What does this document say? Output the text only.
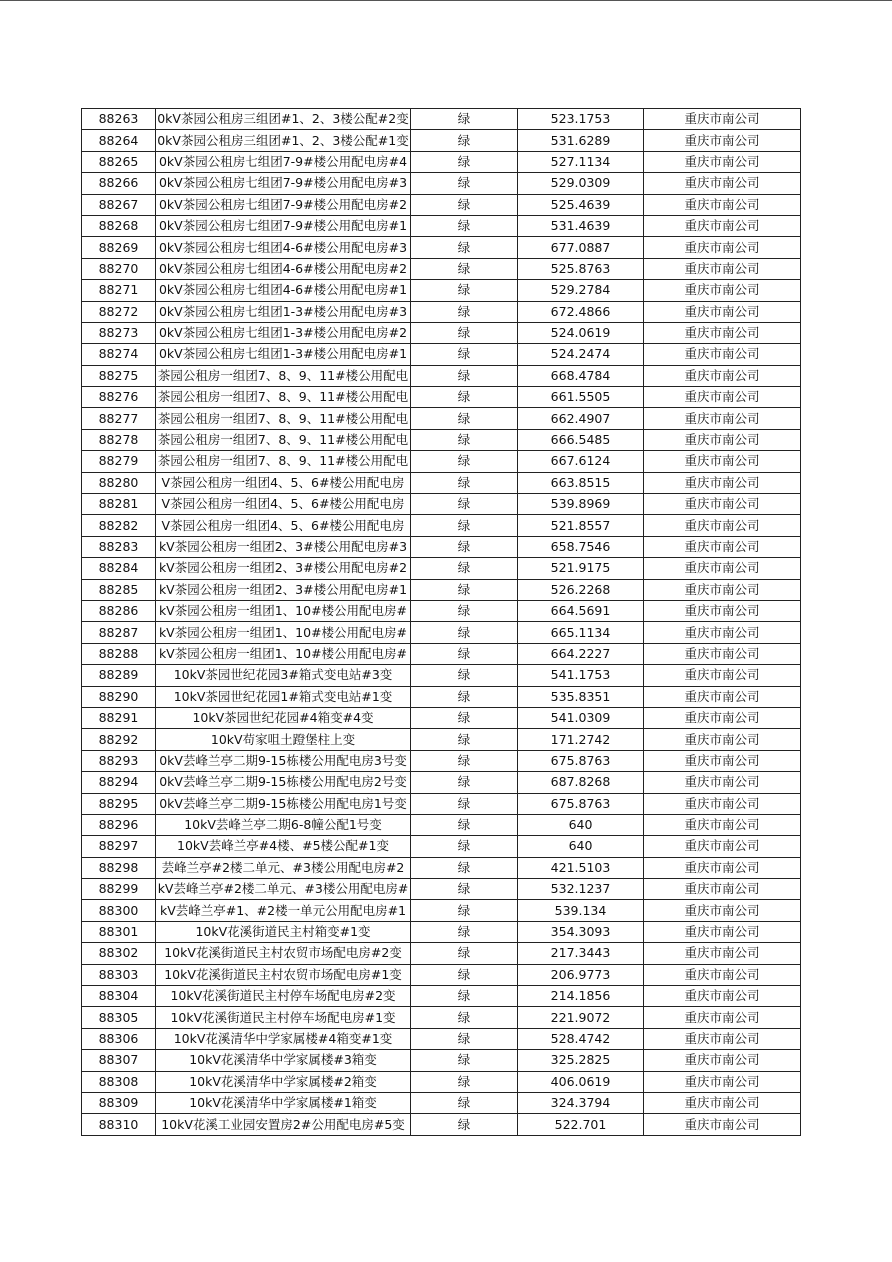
88263	0kV茶园公租房三组团#1、2、3楼公配#2变	绿	523.1753	重庆市南公司
88264	0kV茶园公租房三组团#1、2、3楼公配#1变	绿	531.6289	重庆市南公司
88265	0kV茶园公租房七组团7-9#楼公用配电房#4	绿	527.1134	重庆市南公司
88266	0kV茶园公租房七组团7-9#楼公用配电房#3	绿	529.0309	重庆市南公司
88267	0kV茶园公租房七组团7-9#楼公用配电房#2	绿	525.4639	重庆市南公司
88268	0kV茶园公租房七组团7-9#楼公用配电房#1	绿	531.4639	重庆市南公司
88269	0kV茶园公租房七组团4-6#楼公用配电房#3	绿	677.0887	重庆市南公司
88270	0kV茶园公租房七组团4-6#楼公用配电房#2	绿	525.8763	重庆市南公司
88271	0kV茶园公租房七组团4-6#楼公用配电房#1	绿	529.2784	重庆市南公司
88272	0kV茶园公租房七组团1-3#楼公用配电房#3	绿	672.4866	重庆市南公司
88273	0kV茶园公租房七组团1-3#楼公用配电房#2	绿	524.0619	重庆市南公司
88274	0kV茶园公租房七组团1-3#楼公用配电房#1	绿	524.2474	重庆市南公司
88275	茶园公租房一组团7、8、9、11#楼公用配电	绿	668.4784	重庆市南公司
88276	茶园公租房一组团7、8、9、11#楼公用配电	绿	661.5505	重庆市南公司
88277	茶园公租房一组团7、8、9、11#楼公用配电	绿	662.4907	重庆市南公司
88278	茶园公租房一组团7、8、9、11#楼公用配电	绿	666.5485	重庆市南公司
88279	茶园公租房一组团7、8、9、11#楼公用配电	绿	667.6124	重庆市南公司
88280	V茶园公租房一组团4、5、6#楼公用配电房	绿	663.8515	重庆市南公司
88281	V茶园公租房一组团4、5、6#楼公用配电房	绿	539.8969	重庆市南公司
88282	V茶园公租房一组团4、5、6#楼公用配电房	绿	521.8557	重庆市南公司
88283	kV茶园公租房一组团2、3#楼公用配电房#3	绿	658.7546	重庆市南公司
88284	kV茶园公租房一组团2、3#楼公用配电房#2	绿	521.9175	重庆市南公司
88285	kV茶园公租房一组团2、3#楼公用配电房#1	绿	526.2268	重庆市南公司
88286	kV茶园公租房一组团1、10#楼公用配电房#	绿	664.5691	重庆市南公司
88287	kV茶园公租房一组团1、10#楼公用配电房#	绿	665.1134	重庆市南公司
88288	kV茶园公租房一组团1、10#楼公用配电房#	绿	664.2227	重庆市南公司
88289	10kV茶园世纪花园3#箱式变电站#3变	绿	541.1753	重庆市南公司
88290	10kV茶园世纪花园1#箱式变电站#1变	绿	535.8351	重庆市南公司
88291	10kV茶园世纪花园#4箱变#4变	绿	541.0309	重庆市南公司
88292	10kV苟家咀土蹬堡柱上变	绿	171.2742	重庆市南公司
88293	0kV芸峰兰亭二期9-15栋楼公用配电房3号变	绿	675.8763	重庆市南公司
88294	0kV芸峰兰亭二期9-15栋楼公用配电房2号变	绿	687.8268	重庆市南公司
88295	0kV芸峰兰亭二期9-15栋楼公用配电房1号变	绿	675.8763	重庆市南公司
88296	10kV芸峰兰亭二期6-8幢公配1号变	绿	640	重庆市南公司
88297	10kV芸峰兰亭#4楼、#5楼公配#1变	绿	640	重庆市南公司
88298	芸峰兰亭#2楼二单元、#3楼公用配电房#2	绿	421.5103	重庆市南公司
88299	kV芸峰兰亭#2楼二单元、#3楼公用配电房#	绿	532.1237	重庆市南公司
88300	kV芸峰兰亭#1、#2楼一单元公用配电房#1	绿	539.134	重庆市南公司
88301	10kV花溪街道民主村箱变#1变	绿	354.3093	重庆市南公司
88302	10kV花溪街道民主村农贸市场配电房#2变	绿	217.3443	重庆市南公司
88303	10kV花溪街道民主村农贸市场配电房#1变	绿	206.9773	重庆市南公司
88304	10kV花溪街道民主村停车场配电房#2变	绿	214.1856	重庆市南公司
88305	10kV花溪街道民主村停车场配电房#1变	绿	221.9072	重庆市南公司
88306	10kV花溪清华中学家属楼#4箱变#1变	绿	528.4742	重庆市南公司
88307	10kV花溪清华中学家属楼#3箱变	绿	325.2825	重庆市南公司
88308	10kV花溪清华中学家属楼#2箱变	绿	406.0619	重庆市南公司
88309	10kV花溪清华中学家属楼#1箱变	绿	324.3794	重庆市南公司
88310	10kV花溪工业园安置房2#公用配电房#5变	绿	522.701	重庆市南公司
